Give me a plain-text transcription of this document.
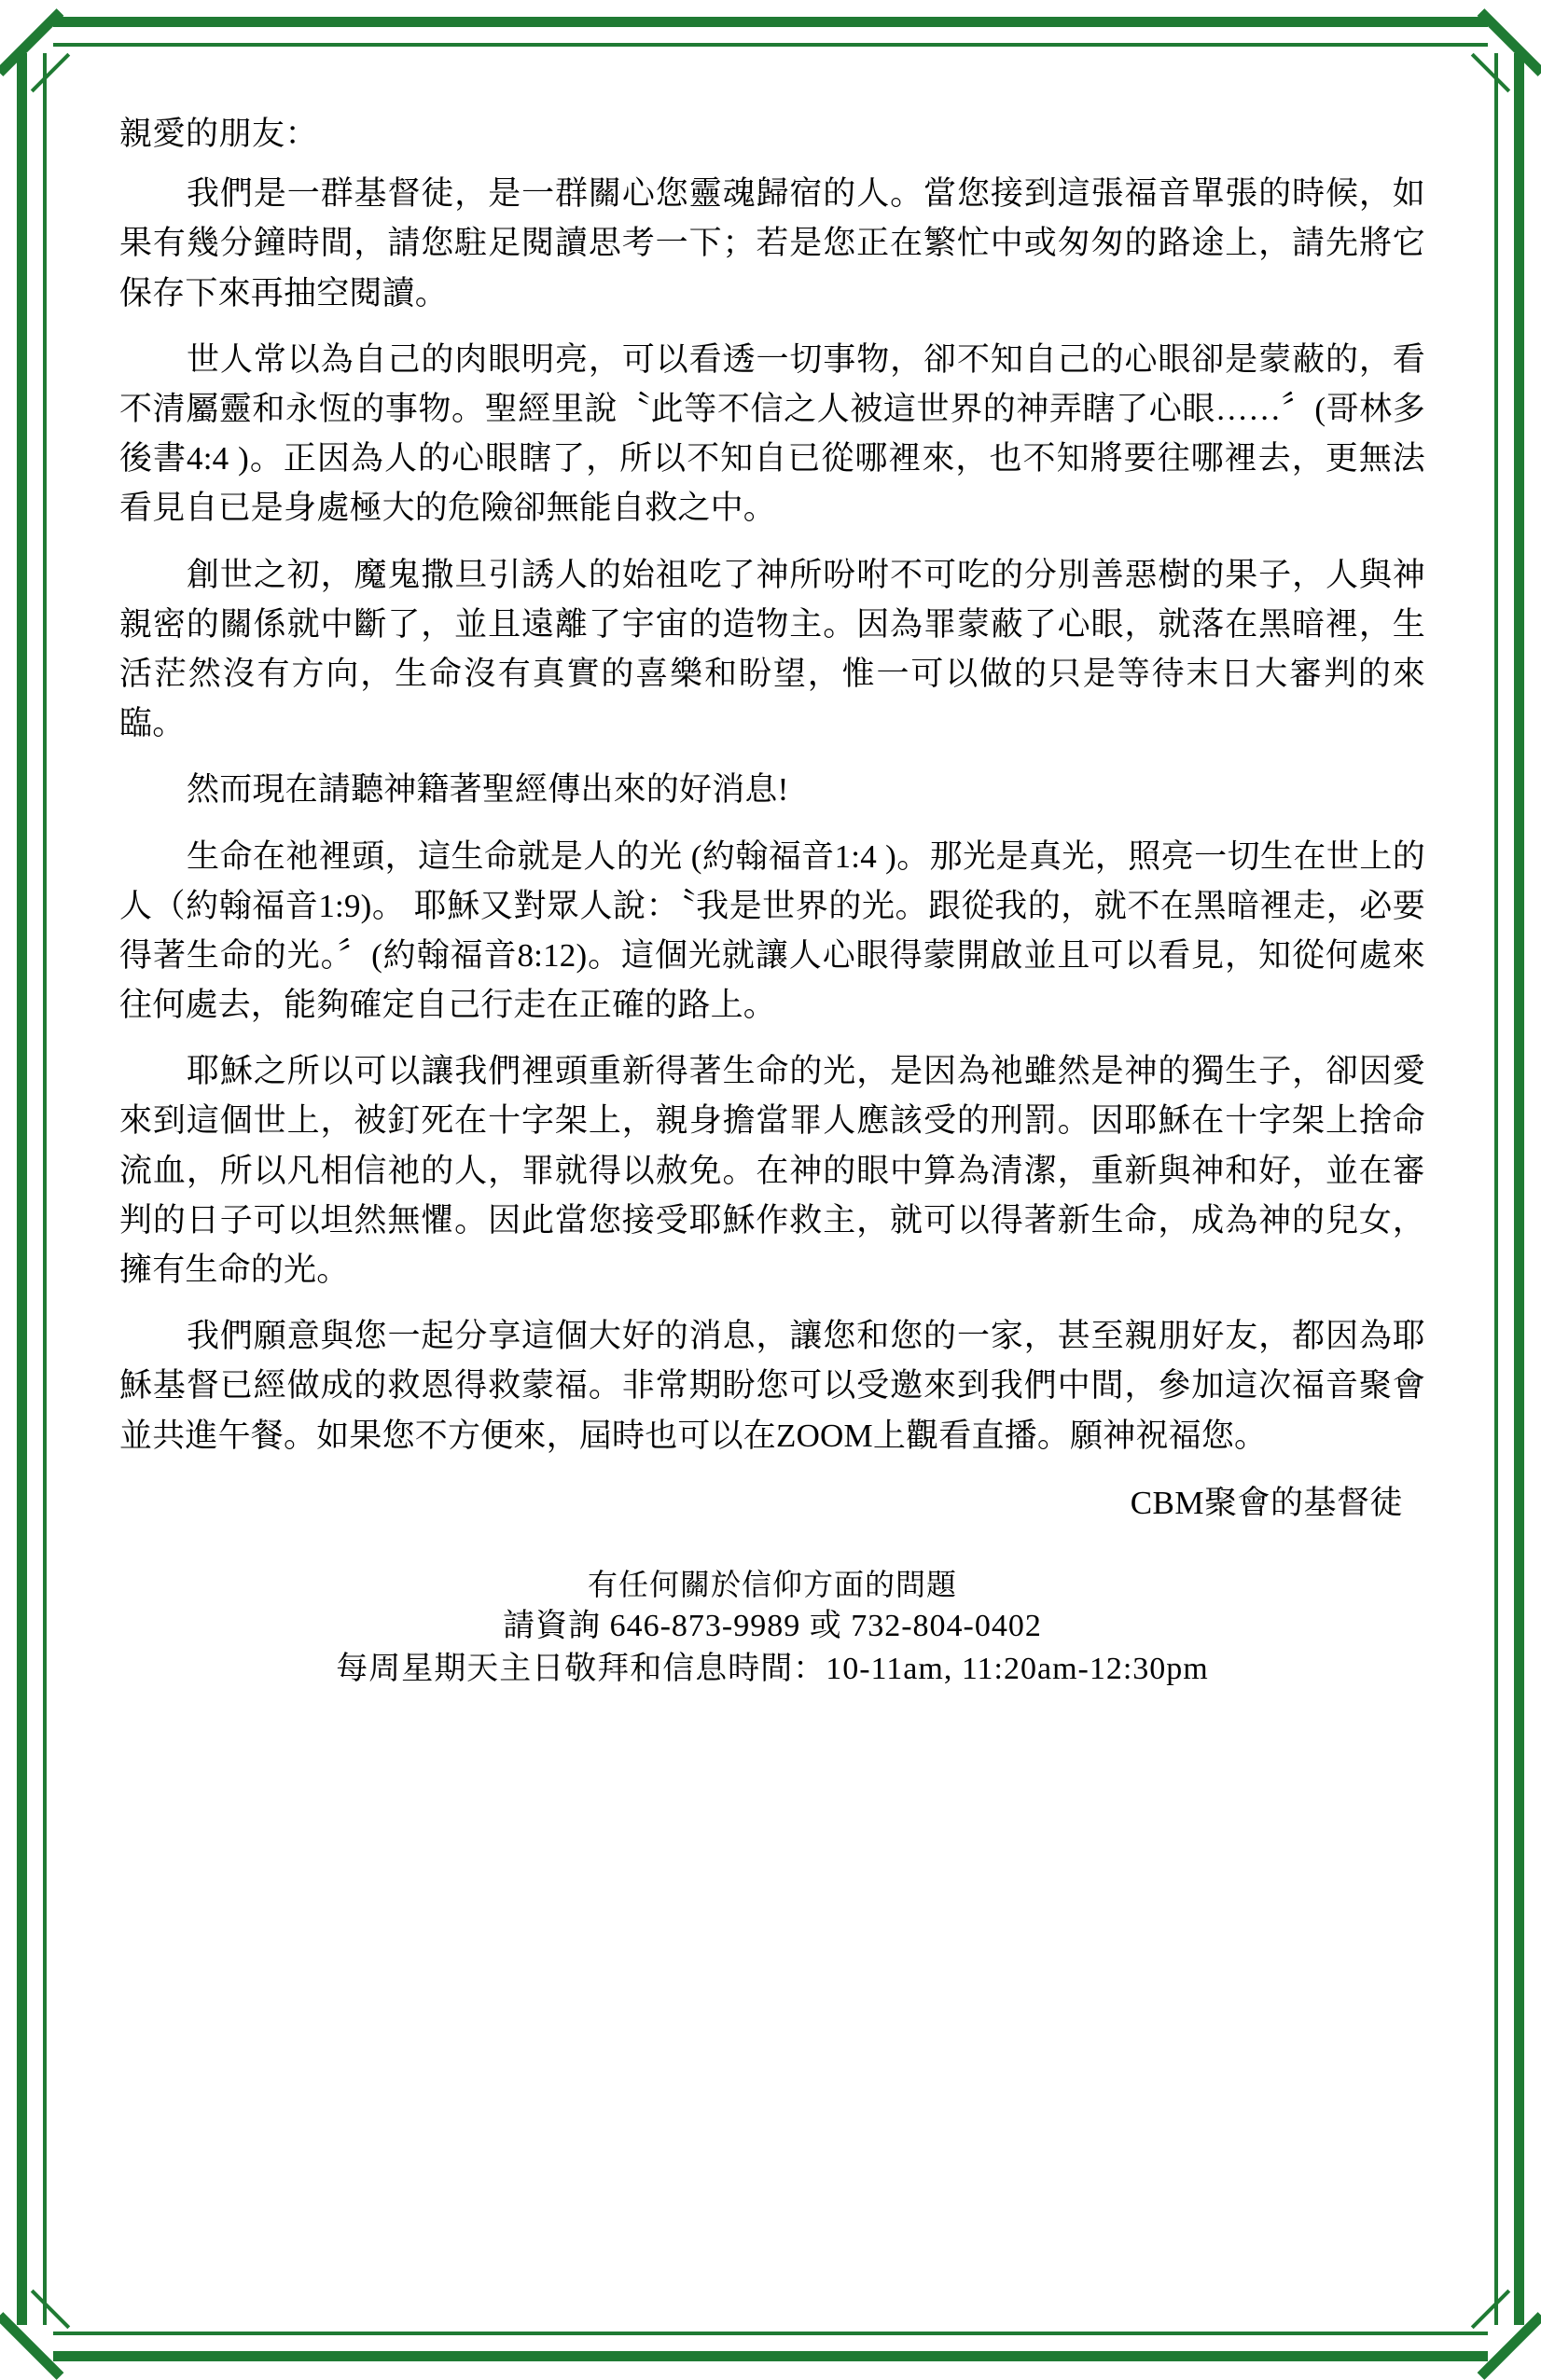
親愛的朋友：

我們是一群基督徒，是一群關心您靈魂歸宿的人。當您接到這張福音單張的時候，如果有幾分鐘時間，請您駐足閱讀思考一下；若是您正在繁忙中或匆匆的路途上，請先將它保存下來再抽空閱讀。

世人常以為自己的肉眼明亮，可以看透一切事物，卻不知自己的心眼卻是蒙蔽的，看不清屬靈和永恆的事物。聖經里說〝此等不信之人被這世界的神弄瞎了心眼……〞(哥林多後書4:4 )。正因為人的心眼瞎了，所以不知自已從哪裡來，也不知將要往哪裡去，更無法看見自已是身處極大的危險卻無能自救之中。

創世之初，魔鬼撒旦引誘人的始祖吃了神所吩咐不可吃的分別善惡樹的果子，人與神親密的關係就中斷了，並且遠離了宇宙的造物主。因為罪蒙蔽了心眼，就落在黑暗裡，生活茫然沒有方向，生命沒有真實的喜樂和盼望，惟一可以做的只是等待末日大審判的來臨。

然而現在請聽神籍著聖經傳出來的好消息!

生命在祂裡頭，這生命就是人的光 (約翰福音1:4 )。那光是真光，照亮一切生在世上的人（約翰福音1:9)。 耶穌又對眾人說：〝我是世界的光。跟從我的，就不在黑暗裡走，必要得著生命的光。〞(約翰福音8:12)。這個光就讓人心眼得蒙開啟並且可以看見，知從何處來往何處去，能夠確定自己行走在正確的路上。

耶穌之所以可以讓我們裡頭重新得著生命的光，是因為祂雖然是神的獨生子，卻因愛來到這個世上，被釘死在十字架上，親身擔當罪人應該受的刑罰。因耶穌在十字架上捨命流血，所以凡相信祂的人，罪就得以赦免。在神的眼中算為清潔，重新與神和好，並在審判的日子可以坦然無懼。因此當您接受耶穌作救主，就可以得著新生命，成為神的兒女，擁有生命的光。

我們願意與您一起分享這個大好的消息，讓您和您的一家，甚至親朋好友，都因為耶穌基督已經做成的救恩得救蒙福。非常期盼您可以受邀來到我們中間，參加這次福音聚會並共進午餐。如果您不方便來，屆時也可以在ZOOM上觀看直播。願神祝福您。

CBM聚會的基督徒
有任何關於信仰方面的問題
請資詢 646-873-9989 或 732-804-0402
每周星期天主日敬拜和信息時間：10-11am, 11:20am-12:30pm
